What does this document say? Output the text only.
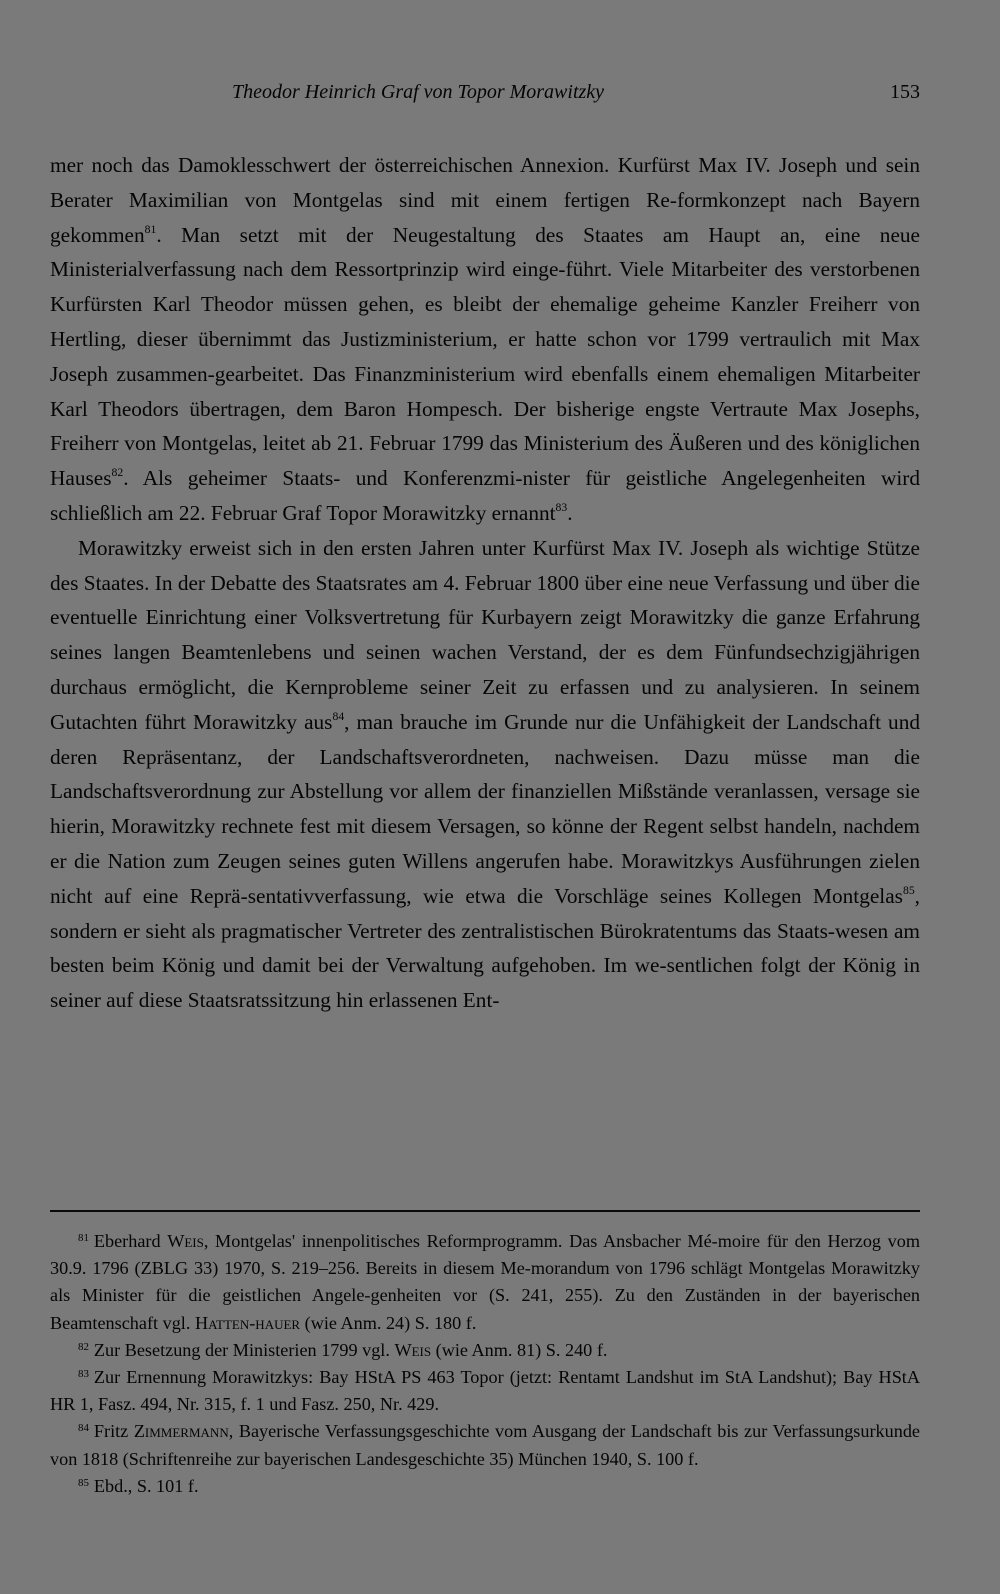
Theodor Heinrich Graf von Topor Morawitzky	153

mer noch das Damoklesschwert der österreichischen Annexion. Kurfürst Max IV. Joseph und sein Berater Maximilian von Montgelas sind mit einem fertigen Re-formkonzept nach Bayern gekommen$^{81}$. Man setzt mit der Neugestaltung des Staates am Haupt an, eine neue Ministerialverfassung nach dem Ressortprinzip wird einge-führt. Viele Mitarbeiter des verstorbenen Kurfürsten Karl Theodor müssen gehen, es bleibt der ehemalige geheime Kanzler Freiherr von Hertling, dieser übernimmt das Justizministerium, er hatte schon vor 1799 vertraulich mit Max Joseph zusammen-gearbeitet. Das Finanzministerium wird ebenfalls einem ehemaligen Mitarbeiter Karl Theodors übertragen, dem Baron Hompesch. Der bisherige engste Vertraute Max Josephs, Freiherr von Montgelas, leitet ab 21. Februar 1799 das Ministerium des Äußeren und des königlichen Hauses$^{82}$. Als geheimer Staats- und Konferenzmi-nister für geistliche Angelegenheiten wird schließlich am 22. Februar Graf Topor Morawitzky ernannt$^{83}$.

Morawitzky erweist sich in den ersten Jahren unter Kurfürst Max IV. Joseph als wichtige Stütze des Staates. In der Debatte des Staatsrates am 4. Februar 1800 über eine neue Verfassung und über die eventuelle Einrichtung einer Volksvertretung für Kurbayern zeigt Morawitzky die ganze Erfahrung seines langen Beamtenlebens und seinen wachen Verstand, der es dem Fünfundsechzigjährigen durchaus ermöglicht, die Kernprobleme seiner Zeit zu erfassen und zu analysieren. In seinem Gutachten führt Morawitzky aus$^{84}$, man brauche im Grunde nur die Unfähigkeit der Landschaft und deren Repräsentanz, der Landschaftsverordneten, nachweisen. Dazu müsse man die Landschaftsverordnung zur Abstellung vor allem der finanziellen Mißstände veranlassen, versage sie hierin, Morawitzky rechnete fest mit diesem Versagen, so könne der Regent selbst handeln, nachdem er die Nation zum Zeugen seines guten Willens angerufen habe. Morawitzkys Ausführungen zielen nicht auf eine Reprä-sentativverfassung, wie etwa die Vorschläge seines Kollegen Montgelas$^{85}$, sondern er sieht als pragmatischer Vertreter des zentralistischen Bürokratentums das Staats-wesen am besten beim König und damit bei der Verwaltung aufgehoben. Im we-sentlichen folgt der König in seiner auf diese Staatsratssitzung hin erlassenen Ent-

$^{81}$ Eberhard Weis, Montgelas' innenpolitisches Reformprogramm. Das Ansbacher Mé-moire für den Herzog vom 30.9. 1796 (ZBLG 33) 1970, S. 219–256. Bereits in diesem Me-morandum von 1796 schlägt Montgelas Morawitzky als Minister für die geistlichen Angele-genheiten vor (S. 241, 255). Zu den Zuständen in der bayerischen Beamtenschaft vgl. Hatten-hauer (wie Anm. 24) S. 180 f.

$^{82}$ Zur Besetzung der Ministerien 1799 vgl. Weis (wie Anm. 81) S. 240 f.

$^{83}$ Zur Ernennung Morawitzkys: Bay HStA PS 463 Topor (jetzt: Rentamt Landshut im StA Landshut); Bay HStA HR 1, Fasz. 494, Nr. 315, f. 1 und Fasz. 250, Nr. 429.

$^{84}$ Fritz Zimmermann, Bayerische Verfassungsgeschichte vom Ausgang der Landschaft bis zur Verfassungsurkunde von 1818 (Schriftenreihe zur bayerischen Landesgeschichte 35) München 1940, S. 100 f.

$^{85}$ Ebd., S. 101 f.
